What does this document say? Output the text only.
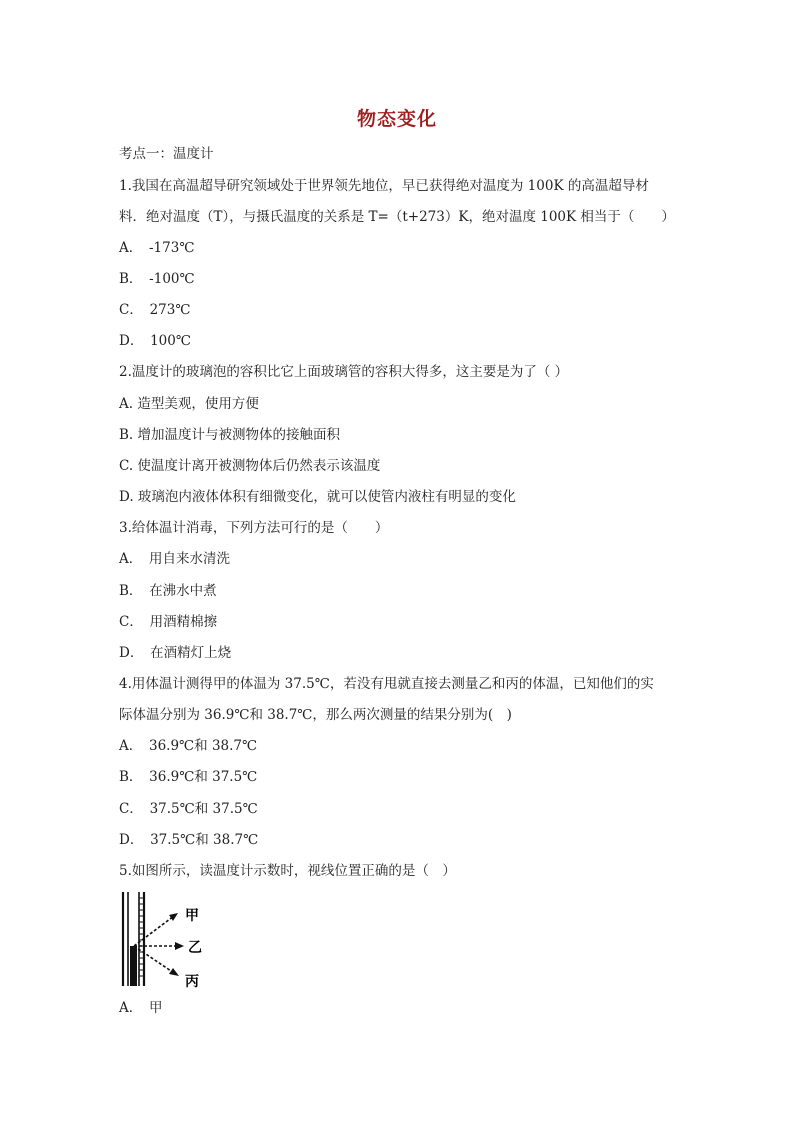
物态变化
考点一：温度计
1.我国在高温超导研究领域处于世界领先地位，早已获得绝对温度为 100K 的高温超导材
料．绝对温度（T），与摄氏温度的关系是 T=（t+273）K，绝对温度 100K 相当于（　　）
A．　-173℃
B．　-100℃
C．　273℃
D．　100℃
2.温度计的玻璃泡的容积比它上面玻璃管的容积大得多，这主要是为了（ ）
A. 造型美观，使用方便
B. 增加温度计与被测物体的接触面积
C. 使温度计离开被测物体后仍然表示该温度
D. 玻璃泡内液体体积有细微变化，就可以使管内液柱有明显的变化
3.给体温计消毒，下列方法可行的是（　　）
A．　用自来水清洗
B．　在沸水中煮
C．　用酒精棉擦
D．　在酒精灯上烧
4.用体温计测得甲的体温为 37.5℃，若没有甩就直接去测量乙和丙的体温，已知他们的实
际体温分别为 36.9℃和 38.7℃，那么两次测量的结果分别为(　)
A．　36.9℃和 38.7℃
B．　36.9℃和 37.5℃
C．　37.5℃和 37.5℃
D．　37.5℃和 38.7℃
5.如图所示，读温度计示数时，视线位置正确的是（　）
甲
乙
丙
A．　甲
